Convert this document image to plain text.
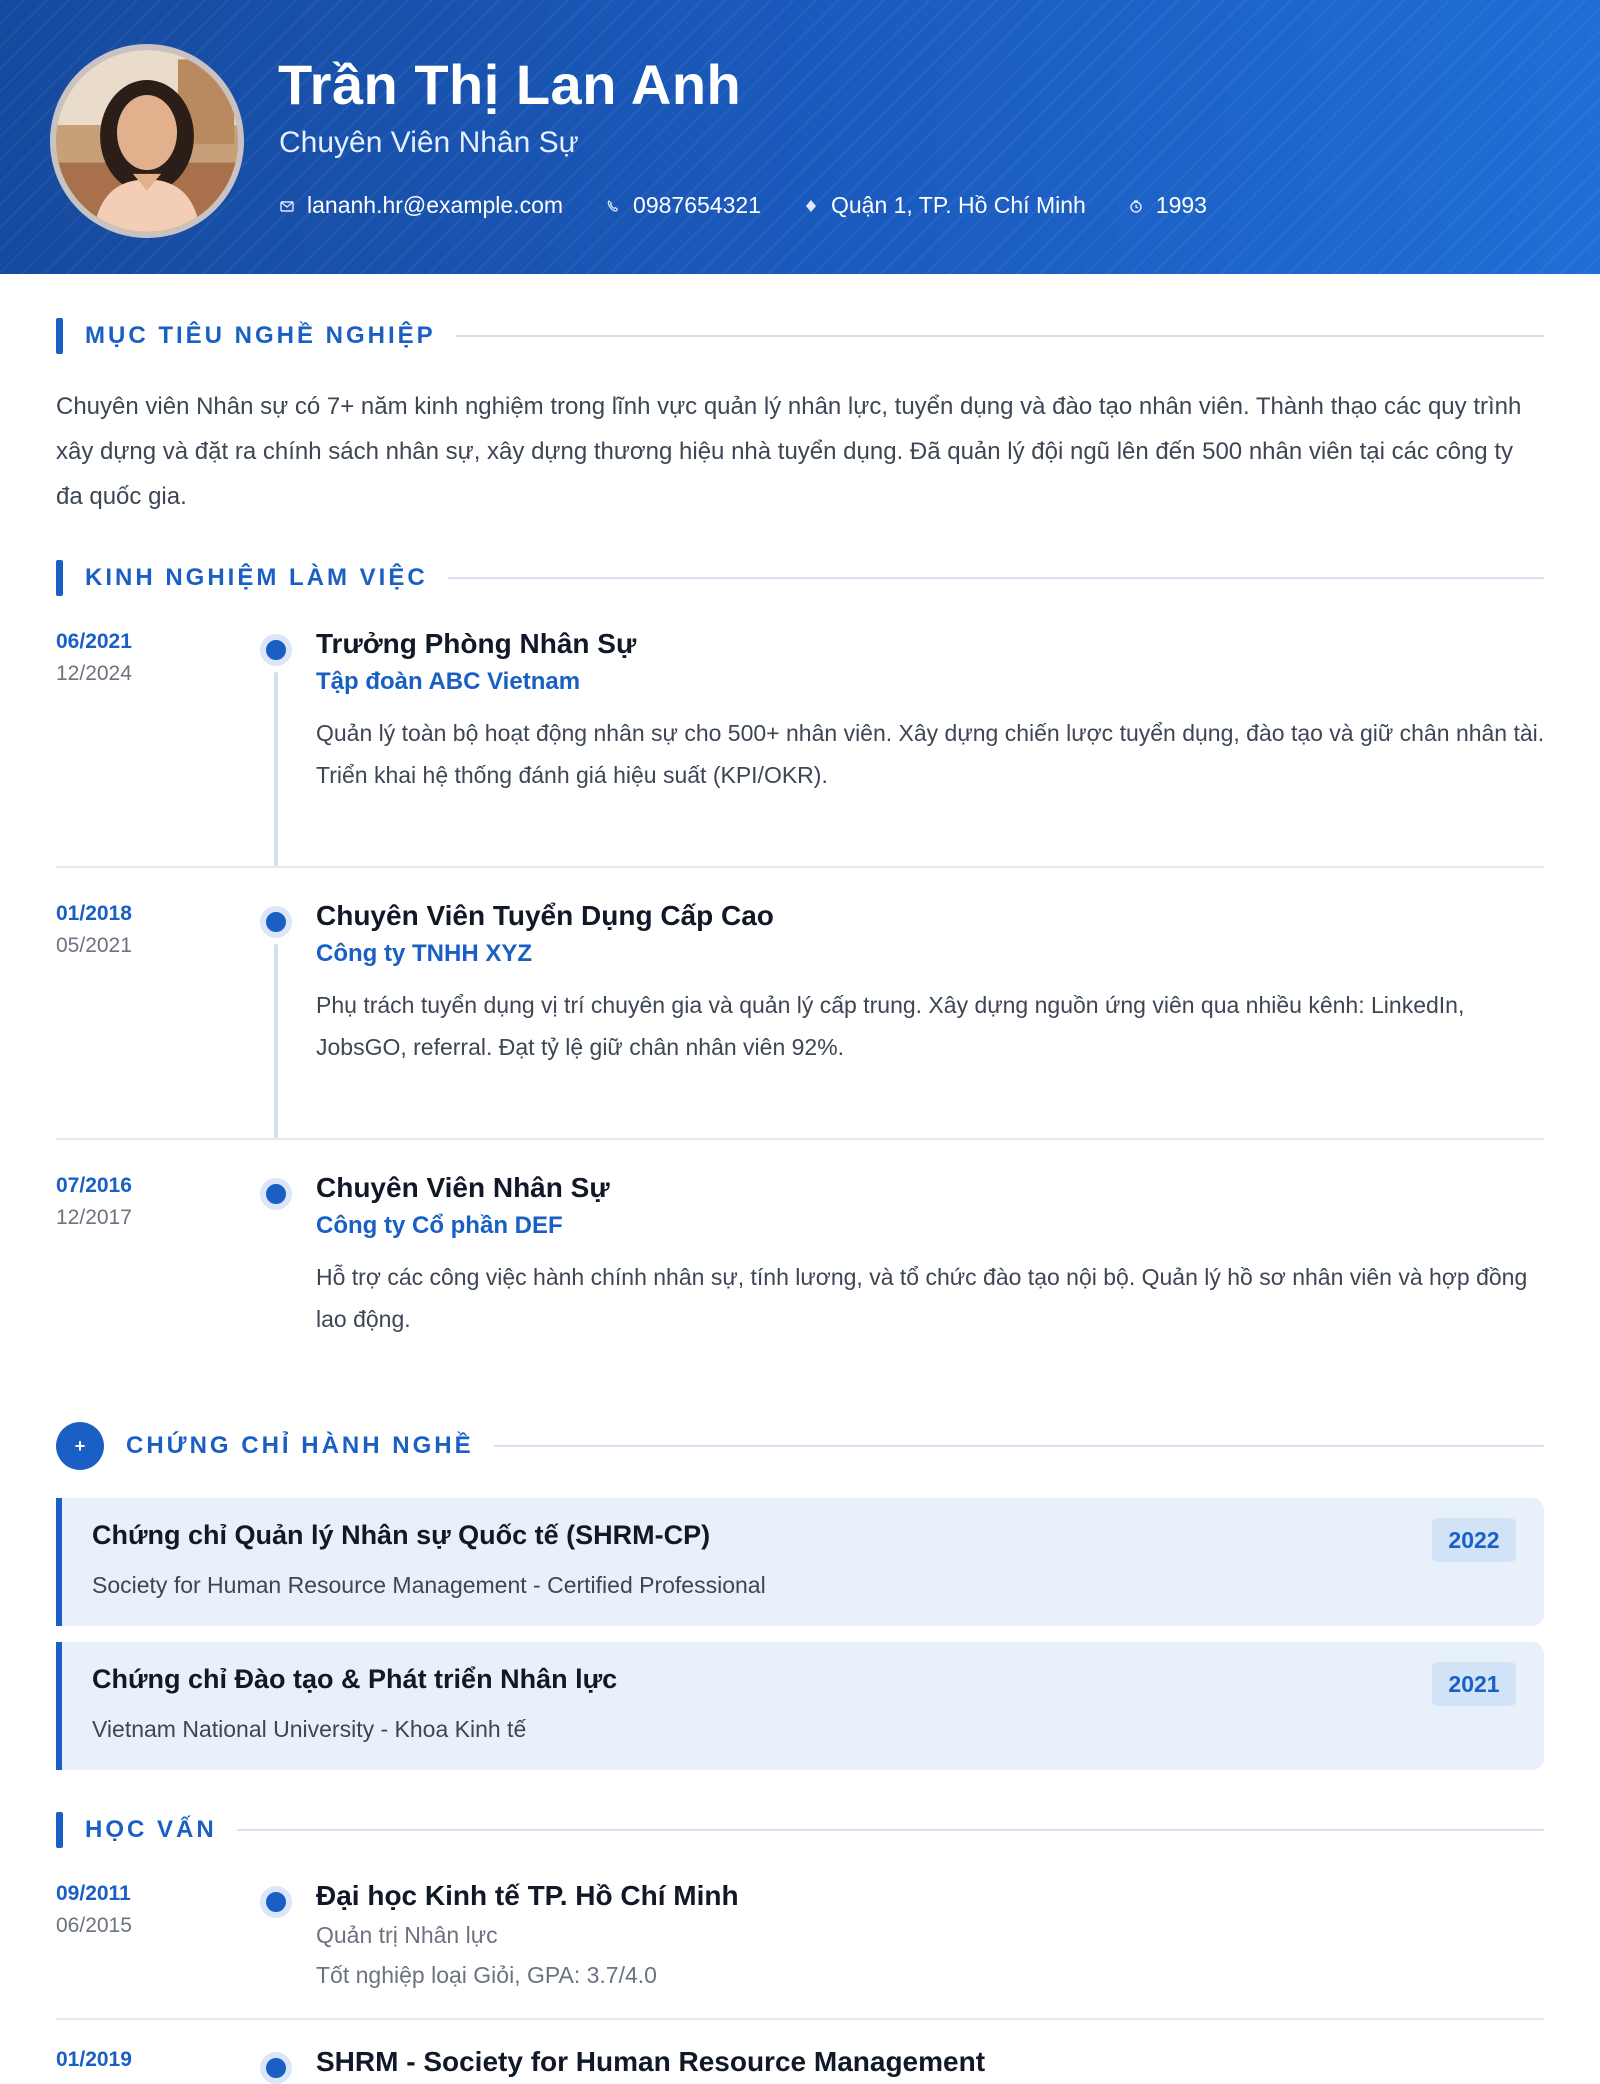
Trần Thị Lan Anh
Chuyên Viên Nhân Sự
lananh.hr@example.com	0987654321	Quận 1, TP. Hồ Chí Minh	1993
MỤC TIÊU NGHỀ NGHIỆP
Chuyên viên Nhân sự có 7+ năm kinh nghiệm trong lĩnh vực quản lý nhân lực, tuyển dụng và đào tạo nhân viên. Thành thạo các quy trình xây dựng và đặt ra chính sách nhân sự, xây dựng thương hiệu nhà tuyển dụng. Đã quản lý đội ngũ lên đến 500 nhân viên tại các công ty đa quốc gia.
KINH NGHIỆM LÀM VIỆC
06/2021
12/2024
Trưởng Phòng Nhân Sự
Tập đoàn ABC Vietnam
Quản lý toàn bộ hoạt động nhân sự cho 500+ nhân viên. Xây dựng chiến lược tuyển dụng, đào tạo và giữ chân nhân tài. Triển khai hệ thống đánh giá hiệu suất (KPI/OKR).
01/2018
05/2021
Chuyên Viên Tuyển Dụng Cấp Cao
Công ty TNHH XYZ
Phụ trách tuyển dụng vị trí chuyên gia và quản lý cấp trung. Xây dựng nguồn ứng viên qua nhiều kênh: LinkedIn, JobsGO, referral. Đạt tỷ lệ giữ chân nhân viên 92%.
07/2016
12/2017
Chuyên Viên Nhân Sự
Công ty Cổ phần DEF
Hỗ trợ các công việc hành chính nhân sự, tính lương, và tổ chức đào tạo nội bộ. Quản lý hồ sơ nhân viên và hợp đồng lao động.
+	CHỨNG CHỈ HÀNH NGHỀ
Chứng chỉ Quản lý Nhân sự Quốc tế (SHRM-CP)
Society for Human Resource Management - Certified Professional
2022
Chứng chỉ Đào tạo & Phát triển Nhân lực
Vietnam National University - Khoa Kinh tế
2021
HỌC VẤN
09/2011
06/2015
Đại học Kinh tế TP. Hồ Chí Minh
Quản trị Nhân lực
Tốt nghiệp loại Giỏi, GPA: 3.7/4.0
01/2019	SHRM - Society for Human Resource Management
